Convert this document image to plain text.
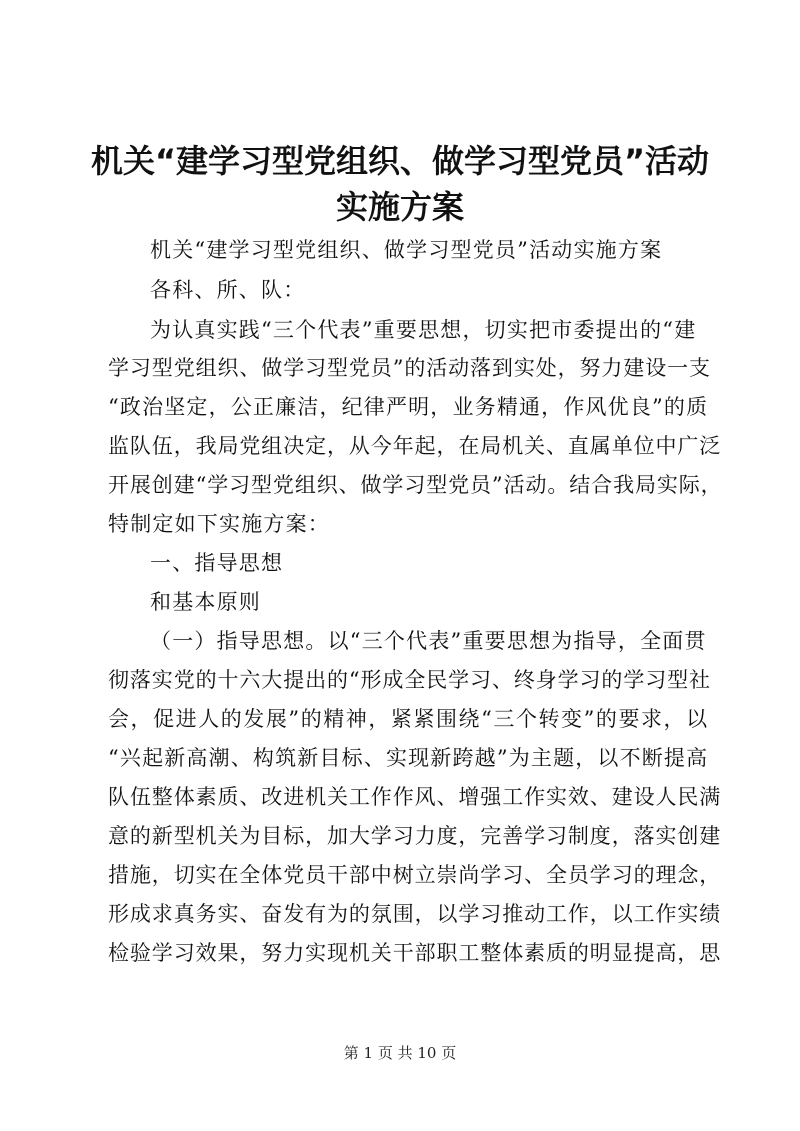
机关“建学习型党组织、做学习型党员”活动
实施方案
机关“建学习型党组织、做学习型党员”活动实施方案
各科、所、队：
为认真实践“三个代表”重要思想，切实把市委提出的“建
学习型党组织、做学习型党员”的活动落到实处，努力建设一支
“政治坚定，公正廉洁，纪律严明，业务精通，作风优良”的质
监队伍，我局党组决定，从今年起，在局机关、直属单位中广泛
开展创建“学习型党组织、做学习型党员”活动。结合我局实际，
特制定如下实施方案：
一、指导思想
和基本原则
（一）指导思想。以“三个代表”重要思想为指导，全面贯
彻落实党的十六大提出的“形成全民学习、终身学习的学习型社
会，促进人的发展”的精神，紧紧围绕“三个转变”的要求，以
“兴起新高潮、构筑新目标、实现新跨越”为主题，以不断提高
队伍整体素质、改进机关工作作风、增强工作实效、建设人民满
意的新型机关为目标，加大学习力度，完善学习制度，落实创建
措施，切实在全体党员干部中树立崇尚学习、全员学习的理念，
形成求真务实、奋发有为的氛围，以学习推动工作，以工作实绩
检验学习效果，努力实现机关干部职工整体素质的明显提高，思
第 1 页 共 10 页
